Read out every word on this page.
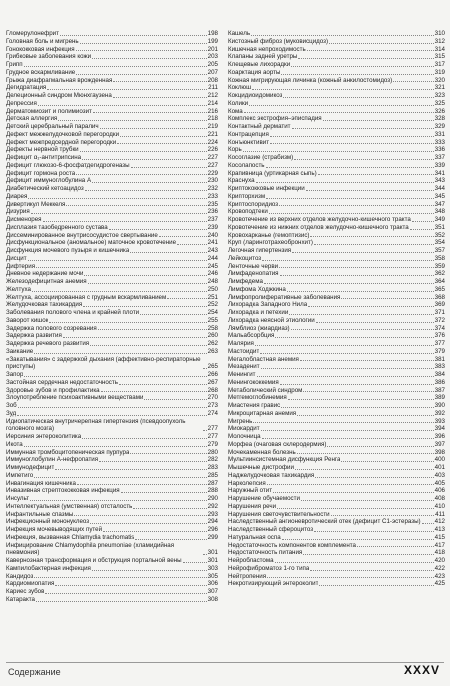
Гломерулонефрит	198
Головная боль и мигрень	199
Гонококковая инфекция	201
Грибковые заболевания кожи	203
Грипп	205
Грудное вскармливание	207
Грыжа диафрагмальная врожденная	208
Дегидратация	211
Делеционный синдром Мюнхгаузена	212
Депрессия	214
Дерматомиозит и полимиозит	216
Детская аллергия	218
Детский церебральный паралич	219
Дефект межжелудочковой перегородки	221
Дефект межпредсердной перегородки	224
Дефекты нервной трубки	226
Дефицит α₁-антитрипсина	227
Дефицит глюкозо-6-фосфатдегидрогеназы	227
Дефицит гормона роста	229
Дефицит иммуноглобулина А	230
Диабетический кетоацидоз	232
Диарея	233
Дивертикул Меккеля	235
Дизурия	236
Дисменорея	237
Дисплазия тазобедренного сустава	239
Диссеминированное внутрисосудистое свертывание	240
Дисфункциональное (аномальное) маточное кровотечение	241
Дисфункция мочевого пузыря и кишечника	243
Дисцит	244
Дифтерия	245
Дневное недержание мочи	246
Железодефицитная анемия	248
Желтуха	250
Желтуха, ассоциированная с грудным вскармливанием	251
Желудочковая тахикардия	252
Заболевания полового члена и крайней плоти	254
Заворот кишок	255
Задержка полового созревания	258
Задержка развития	260
Задержка речевого развития	262
Заикание	263
«Закатывания» с задержкой дыхания (аффективно-респираторные приступы)	265
Запор	266
Застойная сердечная недостаточность	267
Здоровье зубов и профилактика	268
Злоупотребление психоактивными веществами	270
Зоб	273
Зуд	274
Идиопатическая внутричерепная гипертензия (псевдоопухоль головного мозга)	277
Иерсиния энтероколитика	277
Икота	279
Иммунная тромбоцитопеническая пурпура	280
Иммуноглобулин А-нефропатия	282
Иммунодефицит	283
Импетиго	285
Инвагинация кишечника	287
Инвазивная стрептококковая инфекция	288
Инсульт	290
Интеллектуальная (умственная) отсталость	292
Инфантильные спазмы	293
Инфекционный мононуклеоз	294
Инфекция мочевыводящих путей	296
Инфекция, вызванная Chlamydia trachomatis	299
Инфицирование Chlamydophila pneumoniae (хламидийная пневмония)	301
Кавернозная трансформация и обструкция портальной вены	301
Кампилобактерная инфекция	303
Кандидоз	305
Кардиомиопатия	306
Кариес зубов	307
Катаракта	308
Кашель	310
Кистозный фиброз (муковисцидоз)	312
Кишечная непроходимость	314
Клапаны задней уретры	315
Клещевые лихорадки	317
Коарктация аорты	319
Кожная мигрирующая личинка (кожный анкилостомидоз)	320
Коклюш	321
Кокцидиоидомикоз	323
Колики	325
Кома	326
Комплекс экстрофия–эписпадия	328
Контактный дерматит	329
Контрацепция	331
Конъюнктивит	333
Корь	336
Косоглазие (страбизм)	337
Косолапость	339
Крапивница (уртикарная сыпь)	341
Краснуха	343
Криптококковые инфекции	344
Крипторхизм	345
Криптоспоридиоз	347
Кровоподтеки	348
Кровотечение из верхних отделов желудочно-кишечного тракта	349
Кровотечение из нижних отделов желудочно-кишечного тракта	351
Кровохарканье (гемоптизис)	352
Круп (ларинготрахеобронхит)	354
Легочная гипертензия	357
Лейкоцитоз	358
Ленточные черви	359
Лимфаденопатия	362
Лимфедема	364
Лимфома Ходжкина	365
Лимфопролиферативные заболевания	368
Лихорадка Западного Нила	369
Лихорадка и петехии	371
Лихорадка неясной этиологии	372
Лямблиоз (жиардиаз)	374
Мальабсорбция	376
Малярия	377
Мастоидит	379
Мегалобластная анемия	381
Мезаденит	383
Менингит	384
Менингококкемия	386
Метаболический синдром	387
Метгемоглобинемия	389
Миастения гравис	390
Микроцитарная анемия	392
Мигрень	393
Миокардит	394
Молочница	396
Морфеа (очаговая склеродермия)	397
Мочекаменная болезнь	398
Мультиинсистемная дисфункция Ренга	400
Мышечные дистрофии	401
Наджелудочковая тахикардия	403
Нарколепсия	405
Наружный отит	406
Нарушение обучаемости	408
Нарушения речи	410
Нарушения светочувствительности	411
Наследственный ангионевротический отек (дефицит С1-эстеразы) 412
Наследственный сфероцитоз	413
Натуральная оспа	415
Недостаточность компонентов комплемента	417
Недостаточность питания	418
Нейробластома	420
Нейрофиброматоз 1-го типа	422
Нейтропения	423
Некротизирующий энтероколит	425
Содержание	XXXV
